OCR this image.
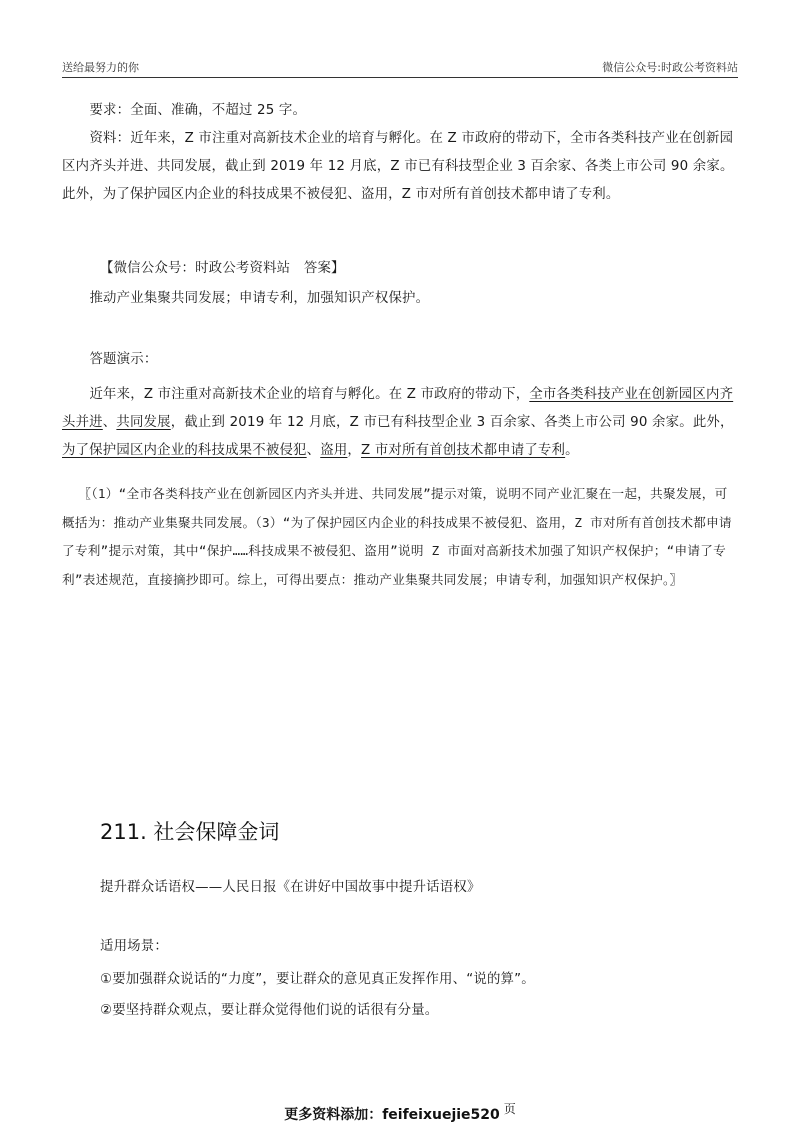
送给最努力的你	微信公众号:时政公考资料站
要求：全面、准确，不超过 25 字。
资料：近年来，Z 市注重对高新技术企业的培育与孵化。在 Z 市政府的带动下，全市各类科技产业在创新园区内齐头并进、共同发展，截止到 2019 年 12 月底，Z 市已有科技型企业 3 百余家、各类上市公司 90 余家。此外，为了保护园区内企业的科技成果不被侵犯、盗用，Z 市对所有首创技术都申请了专利。
【微信公众号：时政公考资料站　答案】
推动产业集聚共同发展；申请专利，加强知识产权保护。
答题演示：
近年来，Z 市注重对高新技术企业的培育与孵化。在 Z 市政府的带动下，全市各类科技产业在创新园区内齐头并进、共同发展，截止到 2019 年 12 月底，Z 市已有科技型企业 3 百余家、各类上市公司 90 余家。此外，为了保护园区内企业的科技成果不被侵犯、盗用，Z 市对所有首创技术都申请了专利。
〖（1）“全市各类科技产业在创新园区内齐头并进、共同发展”提示对策，说明不同产业汇聚在一起，共聚发展，可概括为：推动产业集聚共同发展。（3）“为了保护园区内企业的科技成果不被侵犯、盗用，Z 市对所有首创技术都申请了专利”提示对策，其中“保护……科技成果不被侵犯、盗用”说明 Z 市面对高新技术加强了知识产权保护；“申请了专利”表述规范，直接摘抄即可。综上，可得出要点：推动产业集聚共同发展；申请专利，加强知识产权保护。〗
211. 社会保障金词
提升群众话语权——人民日报《在讲好中国故事中提升话语权》
适用场景：
①要加强群众说话的“力度”，要让群众的意见真正发挥作用、“说的算”。
②要坚持群众观点，要让群众觉得他们说的话很有分量。
更多资料添加：feifeixuejie520 页
